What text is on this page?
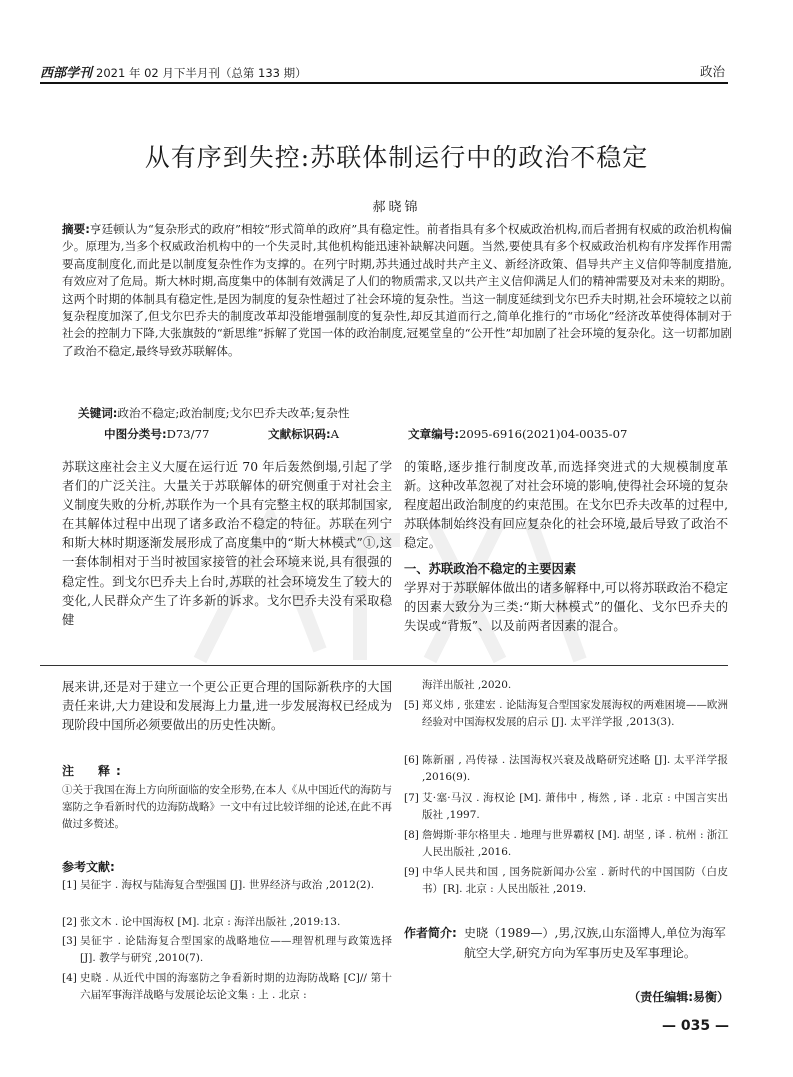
西部学刊 2021 年 02 月下半月刊（总第 133 期）	政治
从有序到失控:苏联体制运行中的政治不稳定
郝晓锦
摘要:亨廷顿认为“复杂形式的政府”相较“形式简单的政府”具有稳定性。前者指具有多个权威政治机构,而后者拥有权威的政治机构偏少。原理为,当多个权威政治机构中的一个失灵时,其他机构能迅速补缺解决问题。当然,要使具有多个权威政治机构有序发挥作用需要高度制度化,而此是以制度复杂性作为支撑的。在列宁时期,苏共通过战时共产主义、新经济政策、倡导共产主义信仰等制度措施,有效应对了危局。斯大林时期,高度集中的体制有效满足了人们的物质需求,又以共产主义信仰满足人们的精神需要及对未来的期盼。这两个时期的体制具有稳定性,是因为制度的复杂性超过了社会环境的复杂性。当这一制度延续到戈尔巴乔夫时期,社会环境较之以前复杂程度加深了,但戈尔巴乔夫的制度改革却没能增强制度的复杂性,却反其道而行之,简单化推行的“市场化”经济改革使得体制对于社会的控制力下降,大张旗鼓的“新思维”拆解了党国一体的政治制度,冠冕堂皇的“公开性”却加剧了社会环境的复杂化。这一切都加剧了政治不稳定,最终导致苏联解体。
关键词:政治不稳定;政治制度;戈尔巴乔夫改革;复杂性
中图分类号:D73/77	文献标识码:A	文章编号:2095-6916(2021)04-0035-07
苏联这座社会主义大厦在运行近 70 年后轰然倒塌,引起了学者们的广泛关注。大量关于苏联解体的研究侧重于对社会主义制度失败的分析,苏联作为一个具有完整主权的联邦制国家,在其解体过程中出现了诸多政治不稳定的特征。苏联在列宁和斯大林时期逐渐发展形成了高度集中的“斯大林模式”①,这一套体制相对于当时被国家接管的社会环境来说,具有很强的稳定性。到戈尔巴乔夫上台时,苏联的社会环境发生了较大的变化,人民群众产生了许多新的诉求。戈尔巴乔夫没有采取稳健
的策略,逐步推行制度改革,而选择突进式的大规模制度革新。这种改革忽视了对社会环境的影响,使得社会环境的复杂程度超出政治制度的约束范围。在戈尔巴乔夫改革的过程中,苏联体制始终没有回应复杂化的社会环境,最后导致了政治不稳定。
一、苏联政治不稳定的主要因素
学界对于苏联解体做出的诸多解释中,可以将苏联政治不稳定的因素大致分为三类:“斯大林模式”的僵化、戈尔巴乔夫的失误或“背叛”、以及前两者因素的混合。
展来讲,还是对于建立一个更公正更合理的国际新秩序的大国责任来讲,大力建设和发展海上力量,进一步发展海权已经成为现阶段中国所必须要做出的历史性决断。
注　释:
①关于我国在海上方向所面临的安全形势,在本人《从中国近代的海防与塞防之争看新时代的边海防战略》一文中有过比较详细的论述,在此不再做过多赘述。
参考文献:
[1] 吴征宇 . 海权与陆海复合型强国 [J]. 世界经济与政治 ,2012(2).
[2] 张文木 . 论中国海权 [M]. 北京 : 海洋出版社 ,2019:13.
[3] 吴征宇 . 论陆海复合型国家的战略地位——理智机理与政策选择 [J]. 教学与研究 ,2010(7).
[4] 史晓 . 从近代中国的海塞防之争看新时期的边海防战略 [C]// 第十六届军事海洋战略与发展论坛论文集 : 上 . 北京 :
海洋出版社 ,2020.
[5] 郑义炜 , 张建宏 . 论陆海复合型国家发展海权的两难困境——欧洲经验对中国海权发展的启示 [J]. 太平洋学报 ,2013(3).
[6] 陈新丽 , 冯传禄 . 法国海权兴衰及战略研究述略 [J]. 太平洋学报 ,2016(9).
[7] 艾·塞·马汉 . 海权论 [M]. 萧伟中 , 梅然 , 译 . 北京 : 中国言实出版社 ,1997.
[8] 詹姆斯·菲尔格里夫 . 地理与世界霸权 [M]. 胡坚 , 译 . 杭州 : 浙江人民出版社 ,2016.
[9] 中华人民共和国 , 国务院新闻办公室 . 新时代的中国国防（白皮书）[R]. 北京 : 人民出版社 ,2019.
作者简介: 史晓（1989—）,男,汉族,山东淄博人,单位为海军航空大学,研究方向为军事历史及军事理论。
（责任编辑:易衡）
— 035 —
